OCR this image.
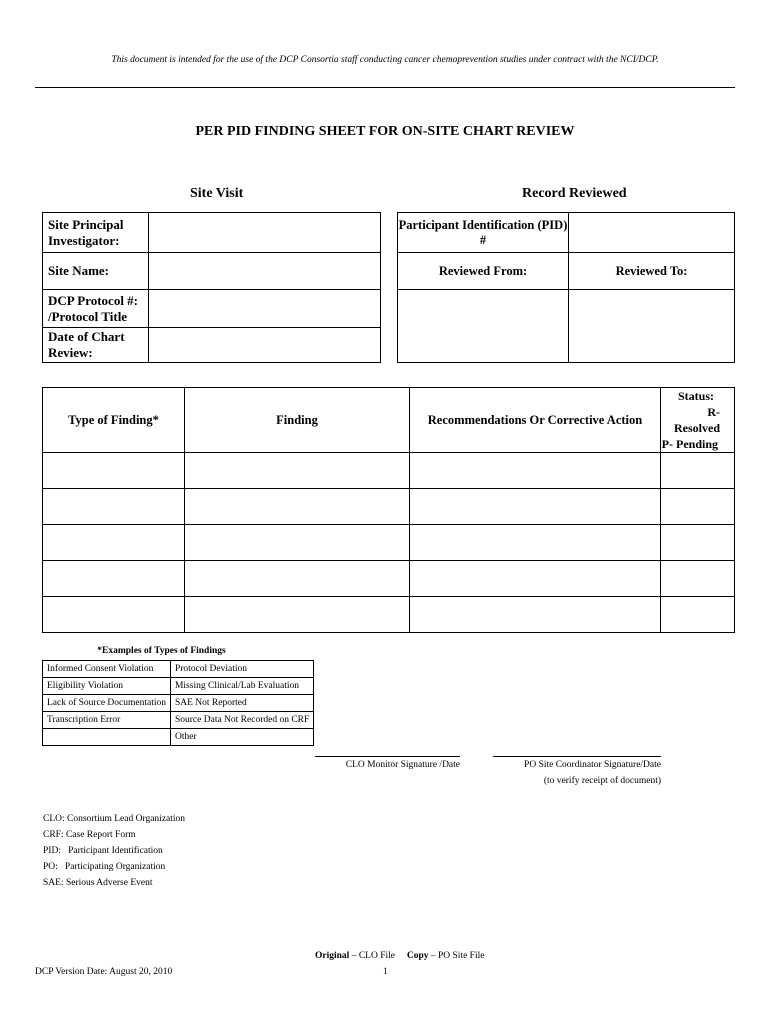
This document is intended for the use of the DCP Consortia staff conducting cancer chemoprevention studies under contract with the NCI/DCP.
PER PID FINDING SHEET FOR ON-SITE CHART REVIEW
Site Visit	Record Reviewed
Site Principal
Investigator:	

Site Name:	

DCP Protocol #:
/Protocol Title	

Date of Chart Review:	
Participant Identification (PID) #	
Reviewed From:	Reviewed To:

Type of Finding*	Finding	Recommendations Or Corrective Action	Status:
R- Resolved
P- Pending

*Examples of Types of Findings
Informed Consent Violation	Protocol Deviation
Eligibility Violation	Missing Clinical/Lab Evaluation
Lack of Source Documentation	SAE Not Reported
Transcription Error	Source Data Not Recorded on CRF
	Other
CLO Monitor Signature /Date	PO Site Coordinator Signature/Date
(to verify receipt of document)
CLO: Consortium Lead Organization
CRF: Case Report Form
PID:   Participant Identification
PO:   Participating Organization
SAE: Serious Adverse Event
Original – CLO File Copy – PO Site File
DCP Version Date: August 20, 2010	1
